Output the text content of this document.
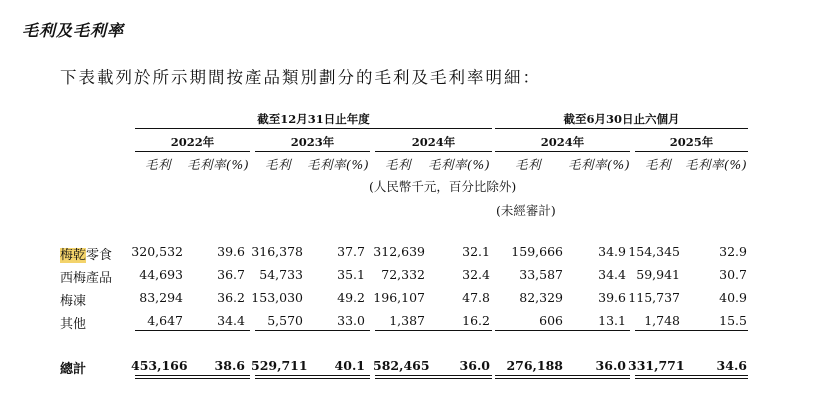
毛利及毛利率
下表載列於所示期間按產品類別劃分的毛利及毛利率明細：
截至12月31日止年度	截至6月30日止六個月
2022年	2023年	2024年	2024年	2025年
毛利 毛利率(%) 毛利 毛利率(%) 毛利 毛利率(%) 毛利 毛利率(%) 毛利 毛利率(%)
(人民幣千元，百分比除外)
(未經審計)
梅乾零食 320,532	39.6 316,378	37.7 312,639	32.1	159,666	34.9 154,345	32.9
西梅產品	44,693	36.7	54,733	35.1	72,332	32.4	33,587	34.4 59,941	30.7
梅凍	83,294	36.2 153,030	49.2 196,107	47.8	82,329	39.6 115,737	40.9
其他	4,647	34.4	5,570	33.0	1,387	16.2	606	13.1	1,748	15.5
總計	453,166	38.6 529,711	40.1 582,465	36.0 276,188	36.0 331,771	34.6
